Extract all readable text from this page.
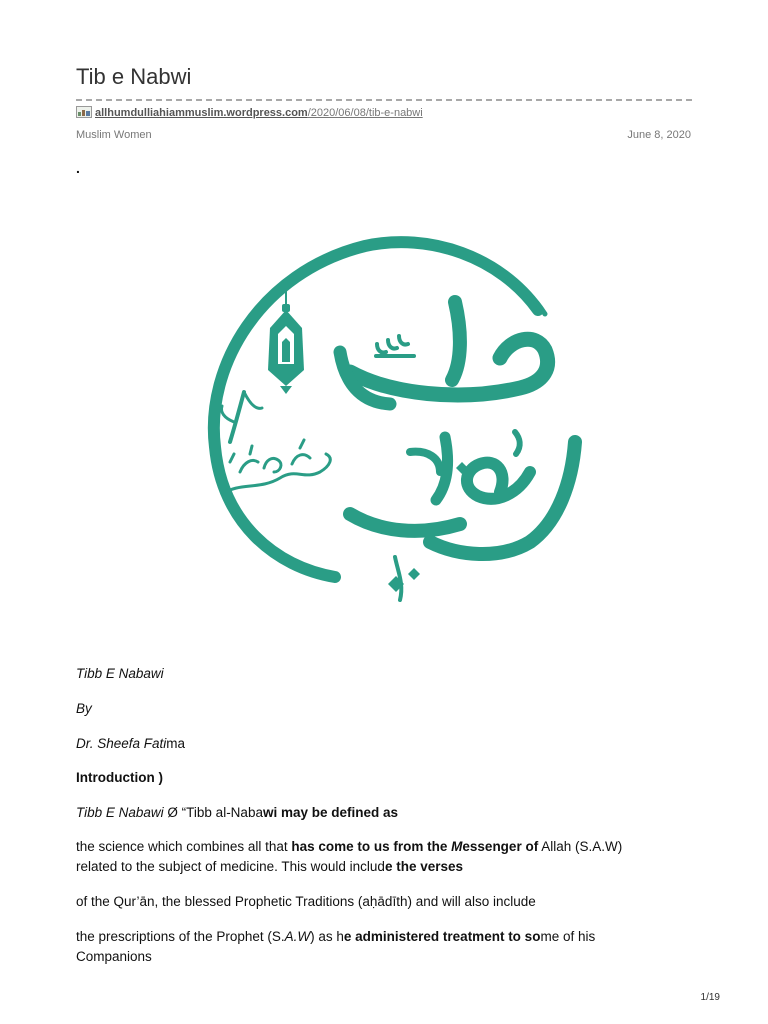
Tib e Nabwi
allhumdulliahiammuslim.wordpress.com/2020/06/08/tib-e-nabwi
Muslim Women	June 8, 2020
.
Tibb E Nabawi
By
Dr. Sheefa Fatima
Introduction )
Tibb E Nabawi Ø “Tibb al-Nabawi may be defined as
the science which combines all that has come to us from the Messenger of Allah (S.A.W)
related to the subject of medicine. This would include the verses
of the Qur’ān, the blessed Prophetic Traditions (aḥādīth) and will also include
the prescriptions of the Prophet (S.A.W) as he administered treatment to some of his
Companions
1/19
